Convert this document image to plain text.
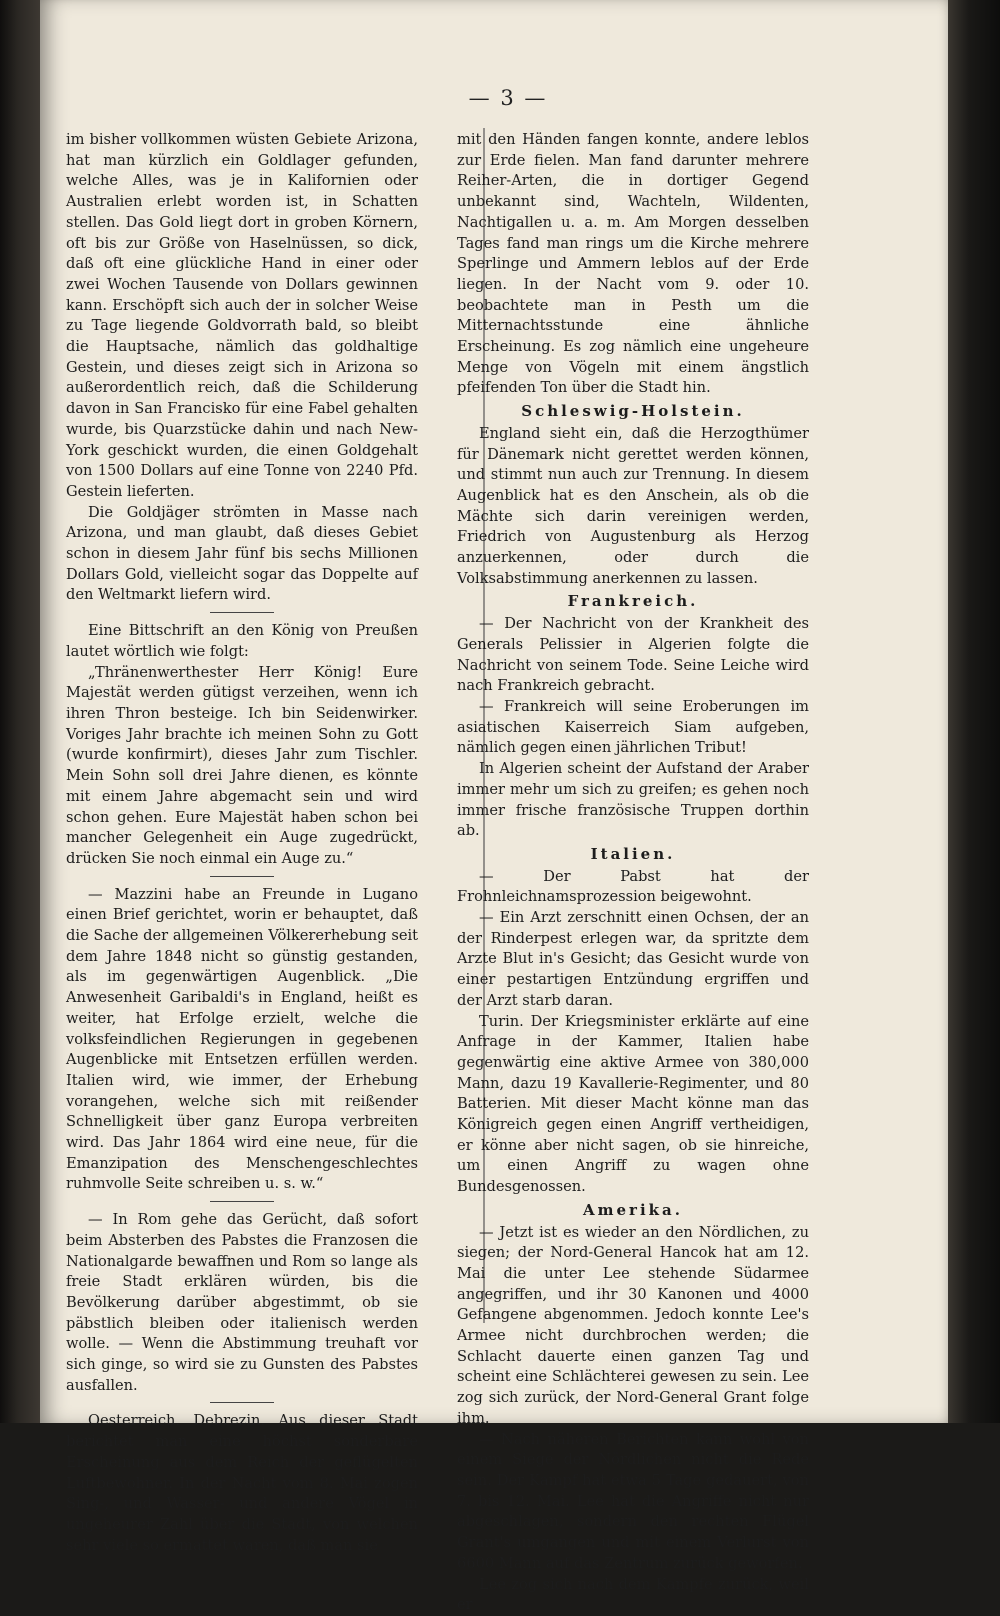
— 3 —

im bisher vollkommen wüsten Gebiete Arizona, hat man kürzlich ein Goldlager gefunden, welche Alles, was je in Kalifornien oder Australien erlebt worden ist, in Schatten stellen. Das Gold liegt dort in groben Körnern, oft bis zur Größe von Haselnüssen, so dick, daß oft eine glückliche Hand in einer oder zwei Wochen Tausende von Dollars gewinnen kann. Erschöpft sich auch der in solcher Weise zu Tage liegende Goldvorrath bald, so bleibt die Hauptsache, nämlich das goldhaltige Gestein, und dieses zeigt sich in Arizona so außerordentlich reich, daß die Schilderung davon in San Francisko für eine Fabel gehalten wurde, bis Quarzstücke dahin und nach New-York geschickt wurden, die einen Goldgehalt von 1500 Dollars auf eine Tonne von 2240 Pfd. Gestein lieferten.

Die Goldjäger strömten in Masse nach Arizona, und man glaubt, daß dieses Gebiet schon in diesem Jahr fünf bis sechs Millionen Dollars Gold, vielleicht sogar das Doppelte auf den Weltmarkt liefern wird.

Eine Bittschrift an den König von Preußen lautet wörtlich wie folgt:

„Thränenwerthester Herr König! Eure Majestät werden gütigst verzeihen, wenn ich ihren Thron besteige. Ich bin Seidenwirker. Voriges Jahr brachte ich meinen Sohn zu Gott (wurde konfirmirt), dieses Jahr zum Tischler. Mein Sohn soll drei Jahre dienen, es könnte mit einem Jahre abgemacht sein und wird schon gehen. Eure Majestät haben schon bei mancher Gelegenheit ein Auge zugedrückt, drücken Sie noch einmal ein Auge zu.“

— Mazzini habe an Freunde in Lugano einen Brief gerichtet, worin er behauptet, daß die Sache der allgemeinen Völkererhebung seit dem Jahre 1848 nicht so günstig gestanden, als im gegenwärtigen Augenblick. „Die Anwesenheit Garibaldi's in England, heißt es weiter, hat Erfolge erzielt, welche die volksfeindlichen Regierungen in gegebenen Augenblicke mit Entsetzen erfüllen werden. Italien wird, wie immer, der Erhebung vorangehen, welche sich mit reißender Schnelligkeit über ganz Europa verbreiten wird. Das Jahr 1864 wird eine neue, für die Emanzipation des Menschengeschlechtes ruhmvolle Seite schreiben u. s. w.“

— In Rom gehe das Gerücht, daß sofort beim Absterben des Pabstes die Franzosen die Nationalgarde bewaffnen und Rom so lange als freie Stadt erklären würden, bis die Bevölkerung darüber abgestimmt, ob sie päbstlich bleiben oder italienisch werden wolle. — Wenn die Abstimmung treuhaft vor sich ginge, so wird sie zu Gunsten des Pabstes ausfallen.

Oesterreich. Debrezin. Aus dieser Stadt berichtet man eine höchst sonderbare Erscheinung aus dem Reich der geflügelten Luftbewohner. In der Nacht vom 8. Mai zogen Sing-, und Wasser- und andere Vögel in ungeheurer Zahl über die Stadt, von welchen sehr viele so ermattet waren, daß man sie

mit den Händen fangen konnte, andere leblos zur Erde fielen. Man fand darunter mehrere Reiher-Arten, die in dortiger Gegend unbekannt sind, Wachteln, Wildenten, Nachtigallen u. a. m. Am Morgen desselben Tages fand man rings um die Kirche mehrere Sperlinge und Ammern leblos auf der Erde liegen. In der Nacht vom 9. oder 10. beobachtete man in Pesth um die Mitternachtsstunde eine ähnliche Erscheinung. Es zog nämlich eine ungeheure Menge von Vögeln mit einem ängstlich pfeifenden Ton über die Stadt hin.

Schleswig-Holstein.

England sieht ein, daß die Herzogthümer für Dänemark nicht gerettet werden können, und stimmt nun auch zur Trennung. In diesem Augenblick hat es den Anschein, als ob die Mächte sich darin vereinigen werden, Friedrich von Augustenburg als Herzog anzuerkennen, oder durch die Volksabstimmung anerkennen zu lassen.

Frankreich.

— Der Nachricht von der Krankheit des Generals Pelissier in Algerien folgte die Nachricht von seinem Tode. Seine Leiche wird nach Frankreich gebracht.

— Frankreich will seine Eroberungen im asiatischen Kaiserreich Siam aufgeben, nämlich gegen einen jährlichen Tribut!

In Algerien scheint der Aufstand der Araber immer mehr um sich zu greifen; es gehen noch immer frische französische Truppen dorthin ab.

Italien.

— Der Pabst hat der Frohnleichnamsprozession beigewohnt.

— Ein Arzt zerschnitt einen Ochsen, der an der Rinderpest erlegen war, da spritzte dem Arzte Blut in's Gesicht; das Gesicht wurde von einer pestartigen Entzündung ergriffen und der Arzt starb daran.

Turin. Der Kriegsminister erklärte auf eine Anfrage in der Kammer, Italien habe gegenwärtig eine aktive Armee von 380,000 Mann, dazu 19 Kavallerie-Regimenter, und 80 Batterien. Mit dieser Macht könne man das Königreich gegen einen Angriff vertheidigen, er könne aber nicht sagen, ob sie hinreiche, um einen Angriff zu wagen ohne Bundesgenossen.

Amerika.

— Jetzt ist es wieder an den Nördlichen, zu siegen; der Nord-General Hancok hat am 12. Mai die unter Lee stehende Südarmee angegriffen, und ihr 30 Kanonen und 4000 Gefangene abgenommen. Jedoch konnte Lee's Armee nicht durchbrochen werden; die Schlacht dauerte einen ganzen Tag und scheint eine Schlächterei gewesen zu sein. Lee zog sich zurück, der Nord-General Grant folge ihm.

— Nach näheren Berichten kann wohl von einem Siege der Nördlichen nicht die Rede sein. Der Kampf hat etwa 5 Tage gedauert, von 7. bis 12. Mai. Lee hat die Angriffe nicht nur abgeschlagen, sondern den rechten Flügel Grant's umgangen und mit einem Verlurst von 6600 Mann auf das Zentrum zurück geworfen.

Lee zog sich nach dem Kampfe zurück, weil er
